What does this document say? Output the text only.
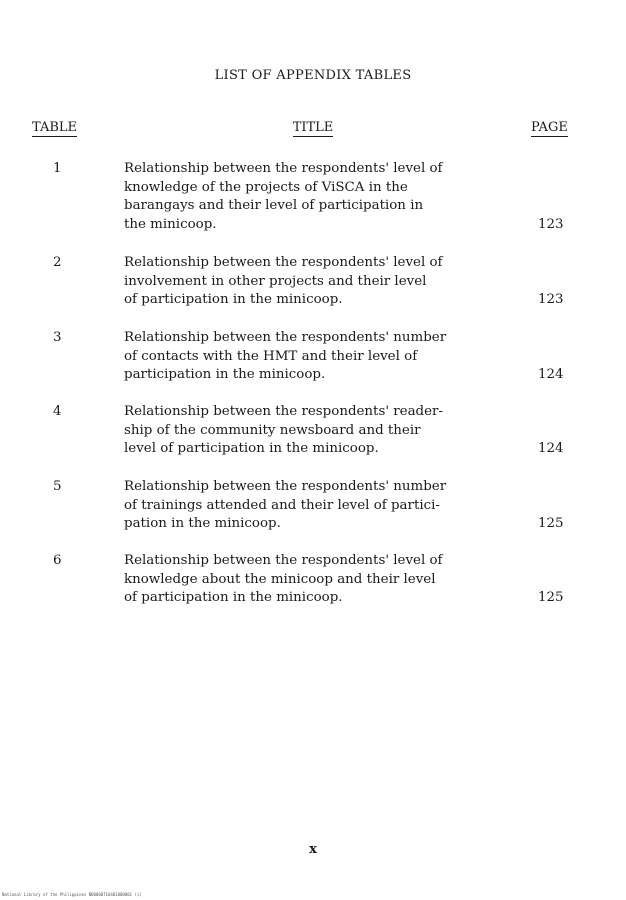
LIST OF APPENDIX TABLES
TABLE	TITLE	PAGE
1	Relationship between the respondents' level of
knowledge of the projects of ViSCA in the
barangays and their level of participation in
the minicoop.	123
2	Relationship between the respondents' level of
involvement in other projects and their level
of participation in the minicoop.	123
3	Relationship between the respondents' number
of contacts with the HMT and their level of
participation in the minicoop.	124
4	Relationship between the respondents' reader-
ship of the community newsboard and their
level of participation in the minicoop.	124
5	Relationship between the respondents' number
of trainings attended and their level of partici-
pation in the minicoop.	125
6	Relationship between the respondents' level of
knowledge about the minicoop and their level
of participation in the minicoop.	125
x
National Library of the Philippines ND0000716401000001 (i)
